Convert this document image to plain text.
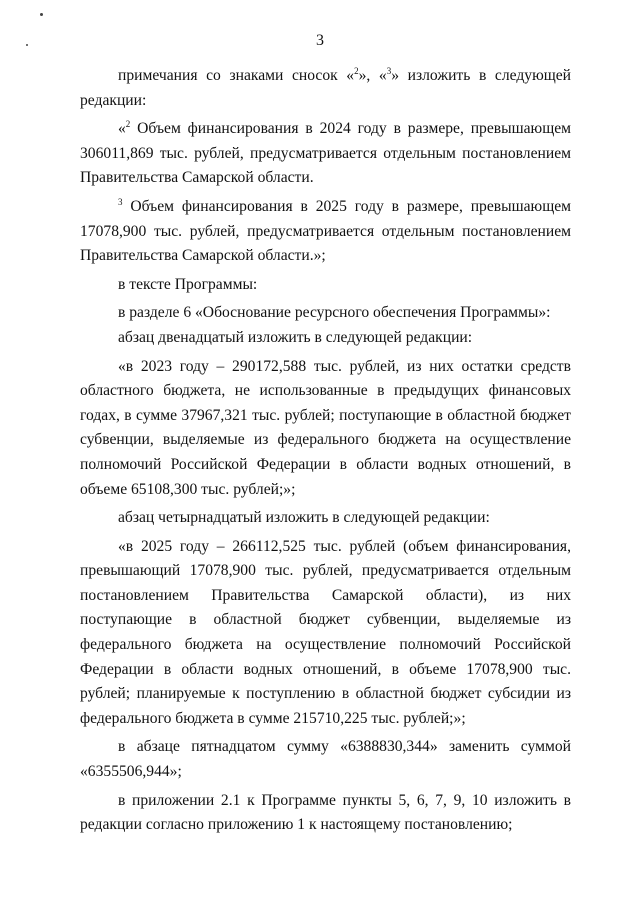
3

примечания со знаками сносок «$^2$», «$^3$» изложить в следующей редакции:

«$^2$ Объем финансирования в 2024 году в размере, превышающем 306011,869 тыс. рублей, предусматривается отдельным постановлением Правительства Самарской области.

$^3$ Объем финансирования в 2025 году в размере, превышающем 17078,900 тыс. рублей, предусматривается отдельным постановлением Правительства Самарской области.»;

в тексте Программы:

в разделе 6 «Обоснование ресурсного обеспечения Программы»:

абзац двенадцатый изложить в следующей редакции:

«в 2023 году – 290172,588 тыс. рублей, из них остатки средств областного бюджета, не использованные в предыдущих финансовых годах, в сумме 37967,321 тыс. рублей; поступающие в областной бюджет субвенции, выделяемые из федерального бюджета на осуществление полномочий Российской Федерации в области водных отношений, в объеме 65108,300 тыс. рублей;»;

абзац четырнадцатый изложить в следующей редакции:

«в 2025 году – 266112,525 тыс. рублей (объем финансирования, превышающий 17078,900 тыс. рублей, предусматривается отдельным постановлением Правительства Самарской области), из них поступающие в областной бюджет субвенции, выделяемые из федерального бюджета на осуществление полномочий Российской Федерации в области водных отношений, в объеме 17078,900 тыс. рублей; планируемые к поступлению в областной бюджет субсидии из федерального бюджета в сумме 215710,225 тыс. рублей;»;

в абзаце пятнадцатом сумму «6388830,344» заменить суммой «6355506,944»;

в приложении 2.1 к Программе пункты 5, 6, 7, 9, 10 изложить в редакции согласно приложению 1 к настоящему постановлению;
